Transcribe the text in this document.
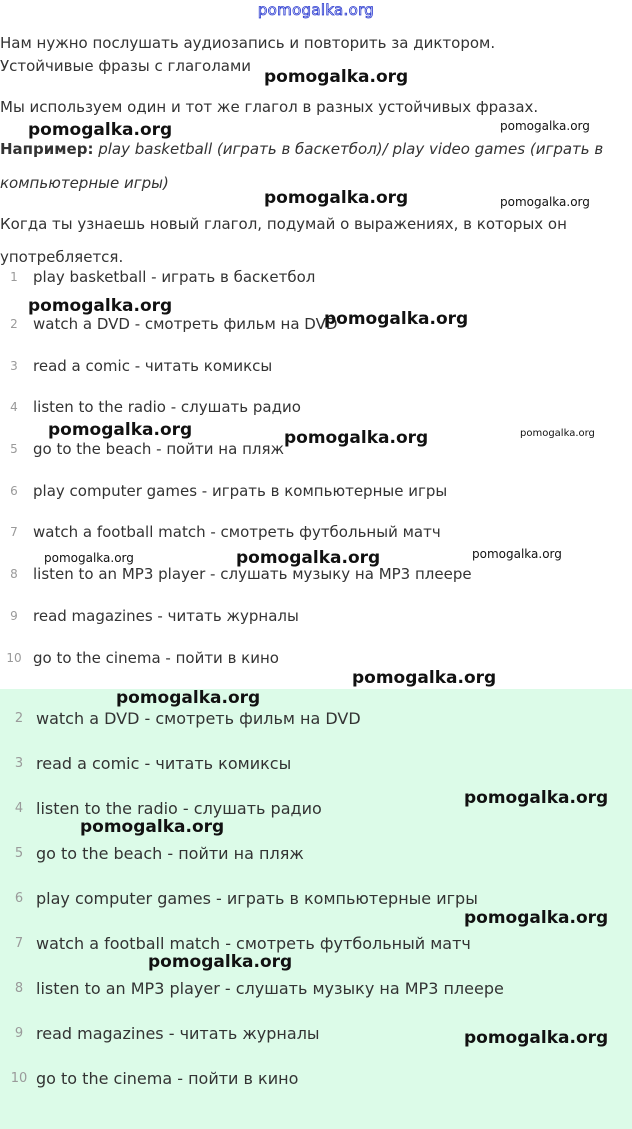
pomogalka.org

Нам нужно послушать аудиозапись и повторить за диктором.

Устойчивые фразы с глаголами

Мы используем один и тот же глагол в разных устойчивых фразах.

Например: play basketball (играть в баскетбол)/ play video games (играть в

компьютерные игры)

Когда ты узнаешь новый глагол, подумай о выражениях, в которых он

употребляется.

1 play basketball - играть в баскетбол
2 watch a DVD - смотреть фильм на DVD
3 read a comic - читать комиксы
4 listen to the radio - слушать радио
5 go to the beach - пойти на пляж
6 play computer games - играть в компьютерные игры
7 watch a football match - смотреть футбольный матч
8 listen to an MP3 player - слушать музыку на MP3 плеере
9 read magazines - читать журналы
10 go to the cinema - пойти в кино
2 watch a DVD - смотреть фильм на DVD
3 read a comic - читать комиксы
4 listen to the radio - слушать радио
5 go to the beach - пойти на пляж
6 play computer games - играть в компьютерные игры
7 watch a football match - смотреть футбольный матч
8 listen to an MP3 player - слушать музыку на MP3 плеере
9 read magazines - читать журналы
10 go to the cinema - пойти в кино
pomogalka.org
pomogalka.org	pomogalka.org
pomogalka.org	pomogalka.org
pomogalka.org
pomogalka.org
pomogalka.org	pomogalka.org	pomogalka.org
pomogalka.org	pomogalka.org	pomogalka.org
pomogalka.org
pomogalka.org
pomogalka.org
pomogalka.org
pomogalka.org
pomogalka.org
pomogalka.org
